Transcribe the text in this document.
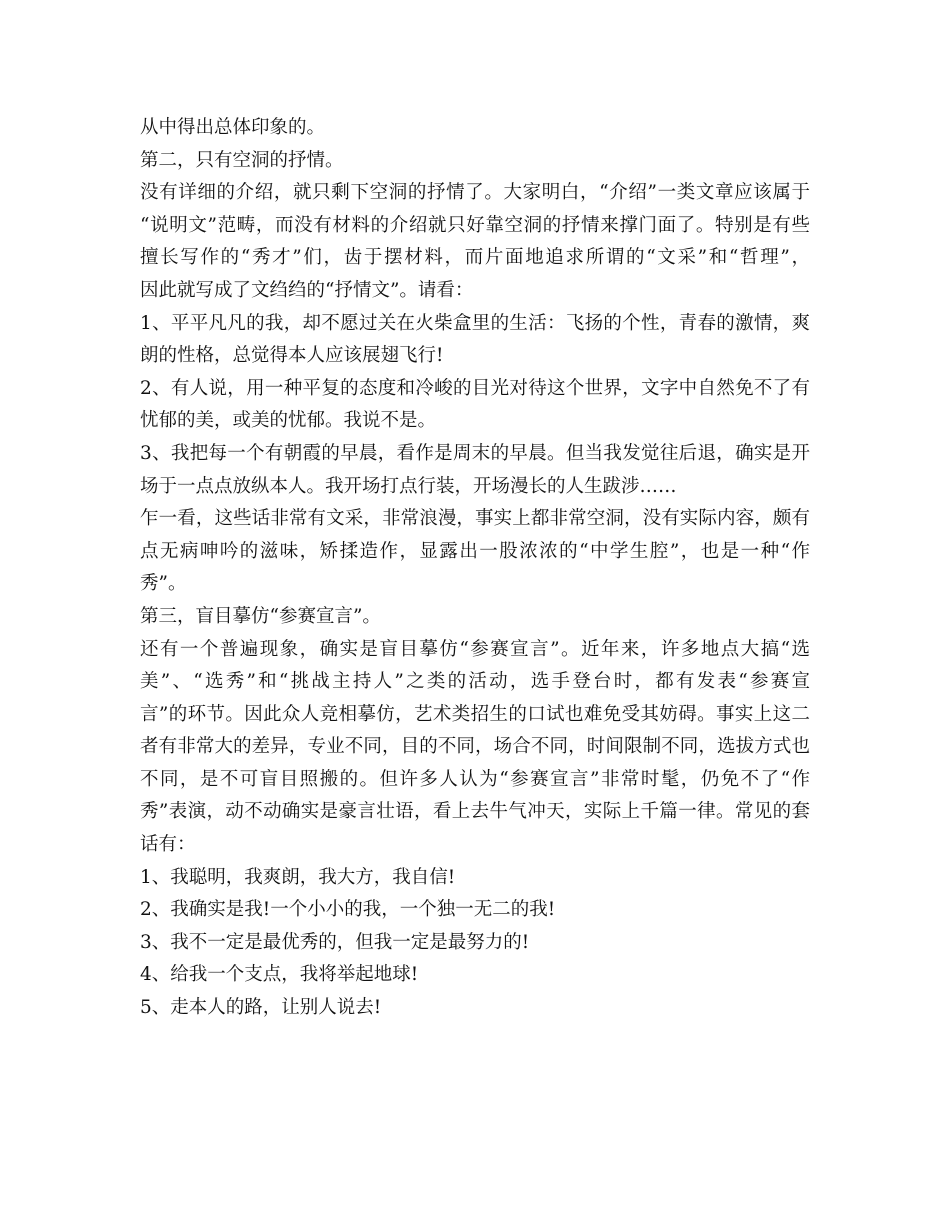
从中得出总体印象的。
第二，只有空洞的抒情。
没有详细的介绍，就只剩下空洞的抒情了。大家明白，“介绍”一类文章应该属于
“说明文”范畴，而没有材料的介绍就只好靠空洞的抒情来撑门面了。特别是有些
擅长写作的“秀才”们，齿于摆材料，而片面地追求所谓的“文采”和“哲理”，
因此就写成了文绉绉的“抒情文”。请看：
1、平平凡凡的我，却不愿过关在火柴盒里的生活：飞扬的个性，青春的激情，爽
朗的性格，总觉得本人应该展翅飞行!
2、有人说，用一种平复的态度和冷峻的目光对待这个世界，文字中自然免不了有
忧郁的美，或美的忧郁。我说不是。
3、我把每一个有朝霞的早晨，看作是周末的早晨。但当我发觉往后退，确实是开
场于一点点放纵本人。我开场打点行装，开场漫长的人生跋涉……
乍一看，这些话非常有文采，非常浪漫，事实上都非常空洞，没有实际内容，颇有
点无病呻吟的滋味，矫揉造作，显露出一股浓浓的“中学生腔”，也是一种“作
秀”。
第三，盲目摹仿“参赛宣言”。
还有一个普遍现象，确实是盲目摹仿“参赛宣言”。近年来，许多地点大搞“选
美”、“选秀”和“挑战主持人”之类的活动，选手登台时，都有发表“参赛宣
言”的环节。因此众人竞相摹仿，艺术类招生的口试也难免受其妨碍。事实上这二
者有非常大的差异，专业不同，目的不同，场合不同，时间限制不同，选拔方式也
不同，是不可盲目照搬的。但许多人认为“参赛宣言”非常时髦，仍免不了“作
秀”表演，动不动确实是豪言壮语，看上去牛气冲天，实际上千篇一律。常见的套
话有：
1、我聪明，我爽朗，我大方，我自信!
2、我确实是我!一个小小的我，一个独一无二的我!
3、我不一定是最优秀的，但我一定是最努力的!
4、给我一个支点，我将举起地球!
5、走本人的路，让别人说去!
